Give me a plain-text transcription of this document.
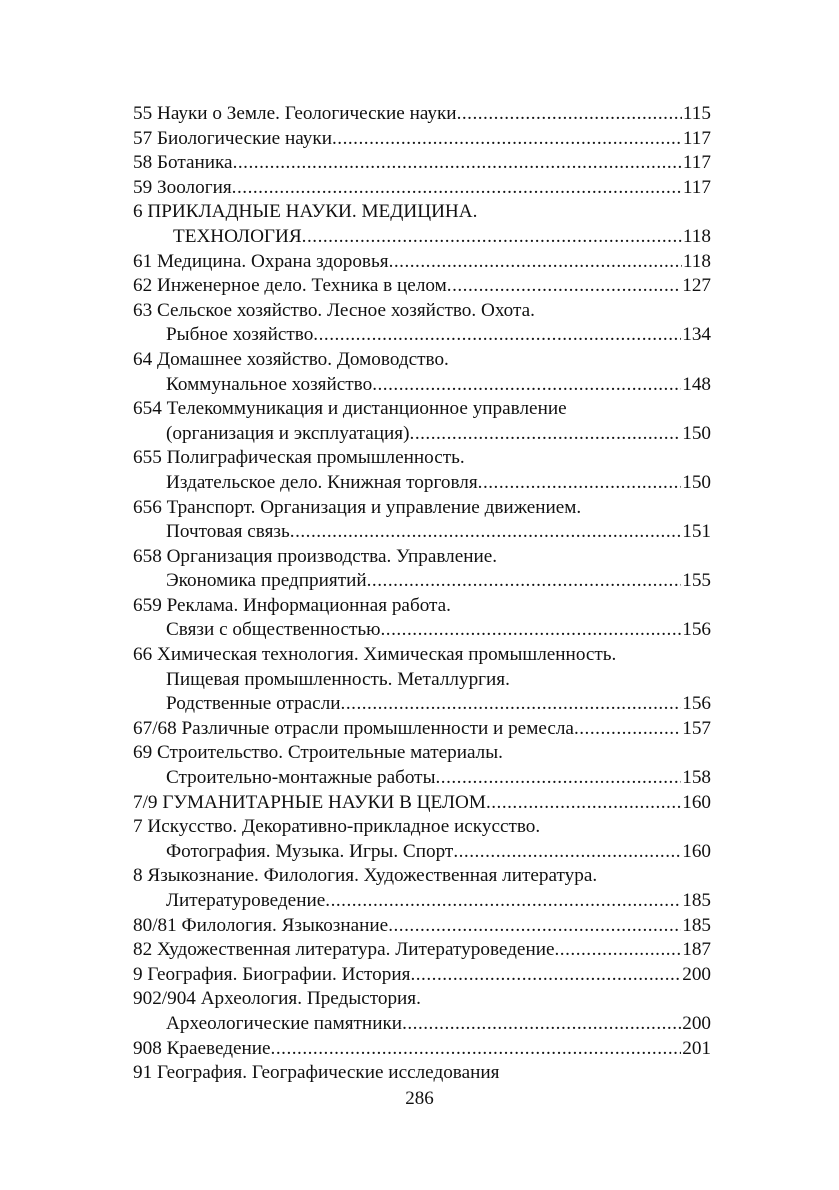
55 Науки о Земле. Геологические науки .....	115
57 Биологические науки .....	117
58 Ботаника .....	117
59 Зоология .....	117
6 ПРИКЛАДНЫЕ НАУКИ. МЕДИЦИНА.
ТЕХНОЛОГИЯ .....	118
61 Медицина. Охрана здоровья .....	118
62 Инженерное дело. Техника в целом .....	127
63 Сельское хозяйство. Лесное хозяйство. Охота.
Рыбное хозяйство .....	134
64 Домашнее хозяйство. Домоводство.
Коммунальное хозяйство .....	148
654 Телекоммуникация и дистанционное управление
(организация и эксплуатация) .....	150
655 Полиграфическая промышленность.
Издательское дело. Книжная торговля .....	150
656 Транспорт. Организация и управление движением.
Почтовая связь .....	151
658 Организация производства. Управление.
Экономика предприятий .....	155
659 Реклама. Информационная работа.
Связи с общественностью .....	156
66 Химическая технология. Химическая промышленность.
Пищевая промышленность. Металлургия.
Родственные отрасли .....	156
67/68 Различные отрасли промышленности и ремесла .....	157
69 Строительство. Строительные материалы.
Строительно-монтажные работы .....	158
7/9 ГУМАНИТАРНЫЕ НАУКИ В ЦЕЛОМ .....	160
7 Искусство. Декоративно-прикладное искусство.
Фотография. Музыка. Игры. Спорт .....	160
8 Языкознание. Филология. Художественная литература.
Литературоведение .....	185
80/81 Филология. Языкознание .....	185
82 Художественная литература. Литературоведение .....	187
9 География. Биографии. История .....	200
902/904 Археология. Предыстория.
Археологические памятники .....	200
908 Краеведение .....	201
91 География. Географические исследования
286
